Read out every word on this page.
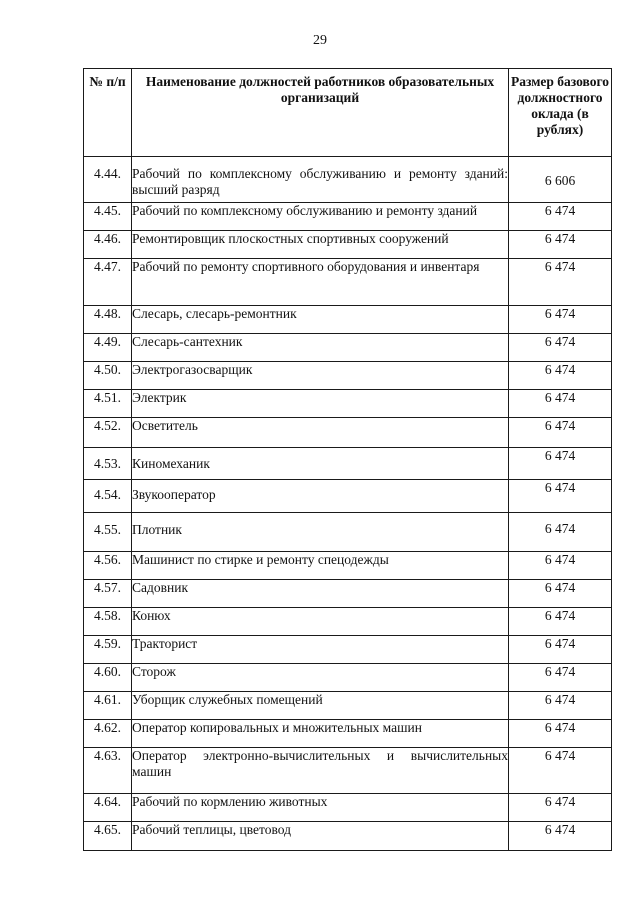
29
№ п/п	Наименование должностей работников образовательных организаций	Размер базового должностного оклада (в рублях)
4.44.	Рабочий по комплексному обслуживанию и ремонту зданий: высший разряд	6 606
4.45.	Рабочий по комплексному обслуживанию и ремонту зданий	6 474
4.46.	Ремонтировщик плоскостных спортивных сооружений	6 474
4.47.	Рабочий по ремонту спортивного оборудования и инвентаря	6 474
4.48.	Слесарь, слесарь-ремонтник	6 474
4.49.	Слесарь-сантехник	6 474
4.50.	Электрогазосварщик	6 474
4.51.	Электрик	6 474
4.52.	Осветитель	6 474
4.53.	Киномеханик	6 474
4.54.	Звукооператор	6 474
4.55.	Плотник	6 474
4.56.	Машинист по стирке и ремонту спецодежды	6 474
4.57.	Садовник	6 474
4.58.	Конюх	6 474
4.59.	Тракторист	6 474
4.60.	Сторож	6 474
4.61.	Уборщик служебных помещений	6 474
4.62.	Оператор копировальных и множительных машин	6 474
4.63.	Оператор электронно-вычислительных и вычислительных машин	6 474
4.64.	Рабочий по кормлению животных	6 474
4.65.	Рабочий теплицы, цветовод	6 474
